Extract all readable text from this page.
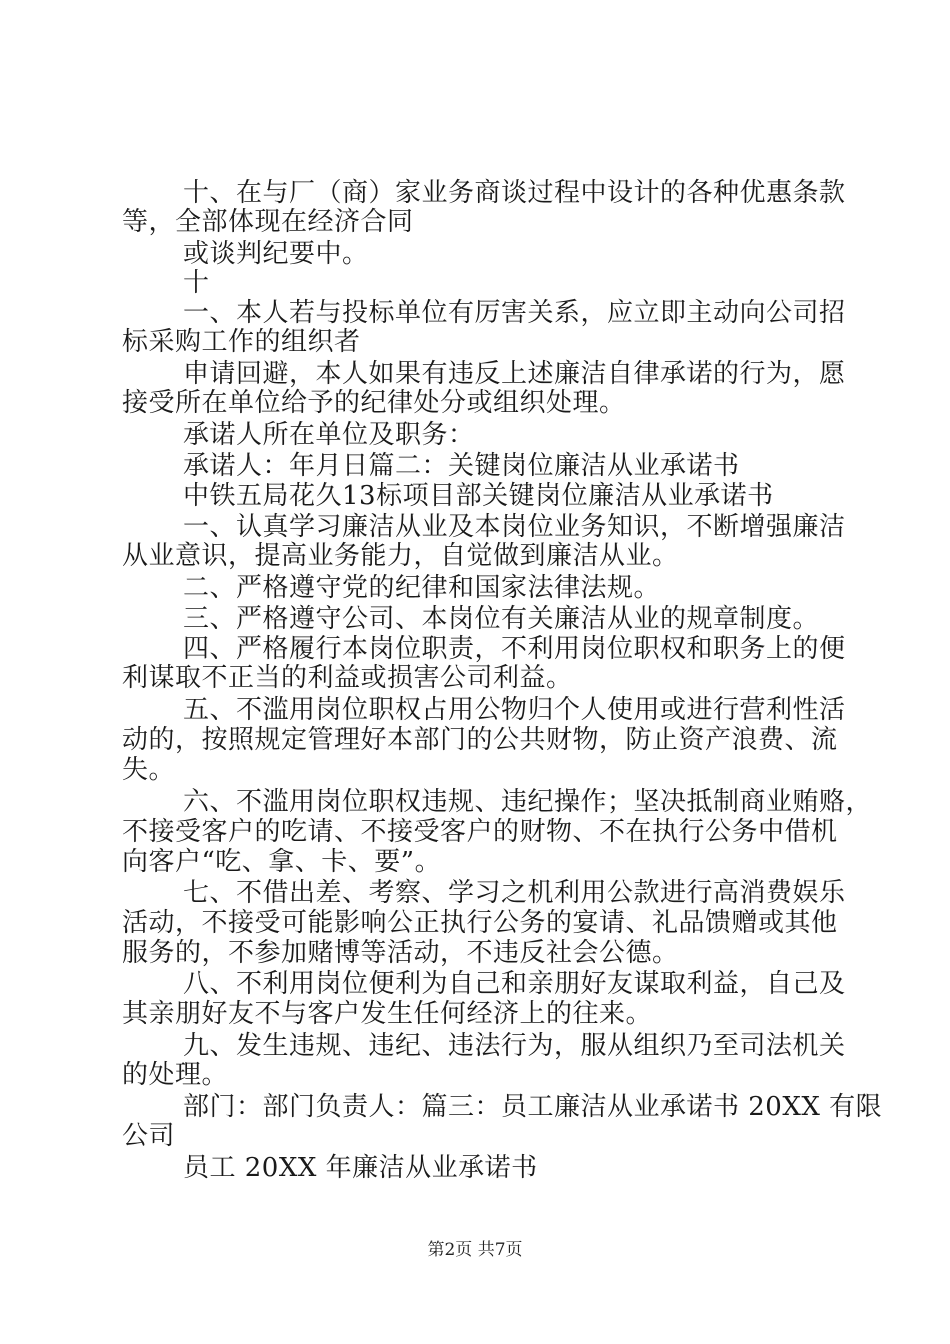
十、在与厂（商）家业务商谈过程中设计的各种优惠条款
等，全部体现在经济合同
或谈判纪要中。
十
一、本人若与投标单位有厉害关系，应立即主动向公司招
标采购工作的组织者
申请回避，本人如果有违反上述廉洁自律承诺的行为，愿
接受所在单位给予的纪律处分或组织处理。
承诺人所在单位及职务：
承诺人：年月日篇二：关键岗位廉洁从业承诺书
中铁五局花久13标项目部关键岗位廉洁从业承诺书
一、认真学习廉洁从业及本岗位业务知识，不断增强廉洁
从业意识，提高业务能力，自觉做到廉洁从业。
二、严格遵守党的纪律和国家法律法规。
三、严格遵守公司、本岗位有关廉洁从业的规章制度。
四、严格履行本岗位职责，不利用岗位职权和职务上的便
利谋取不正当的利益或损害公司利益。
五、不滥用岗位职权占用公物归个人使用或进行营利性活
动的，按照规定管理好本部门的公共财物，防止资产浪费、流
失。
六、不滥用岗位职权违规、违纪操作；坚决抵制商业贿赂，
不接受客户的吃请、不接受客户的财物、不在执行公务中借机
向客户“吃、拿、卡、要”。
七、不借出差、考察、学习之机利用公款进行高消费娱乐
活动，不接受可能影响公正执行公务的宴请、礼品馈赠或其他
服务的，不参加赌博等活动，不违反社会公德。
八、不利用岗位便利为自己和亲朋好友谋取利益，自己及
其亲朋好友不与客户发生任何经济上的往来。
九、发生违规、违纪、违法行为，服从组织乃至司法机关
的处理。
部门：部门负责人：篇三：员工廉洁从业承诺书 20XX 有限
公司
员工 20XX 年廉洁从业承诺书
第2页 共7页
